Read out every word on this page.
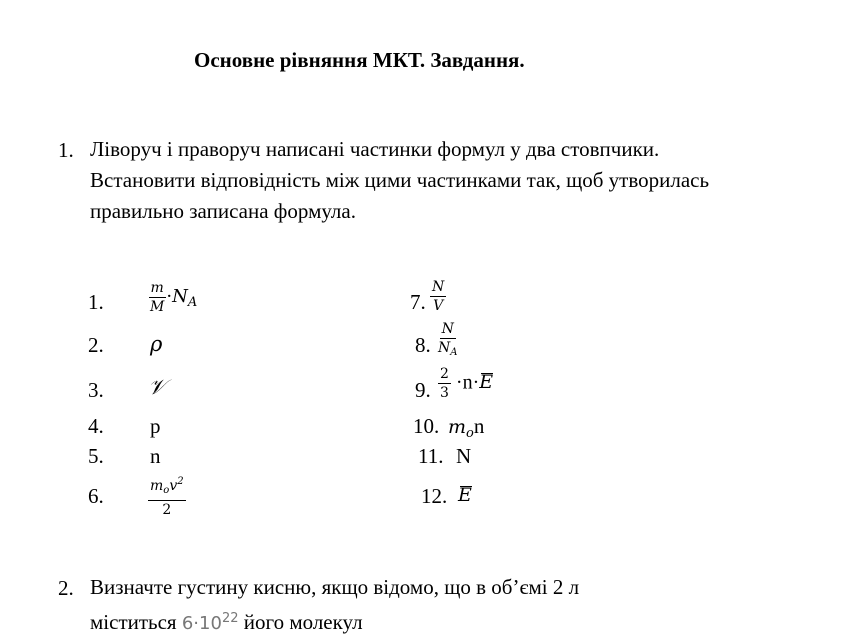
Основне рівняння МКТ. Завдання.
1. Ліворуч і праворуч написані частинки формул у два стовпчики.
Встановити відповідність між цими частинками так, щоб утворилась
правильно записана формула.
1.	$\frac{m}{M} \cdot N_A$
2. ρ
3. 𝒱
4. p
5. n
6.	$\frac{m_ov^2}{2}$
7. $\frac{N}{V}$
8. $\frac{N}{N_A}$
9. $\frac{2}{3} \cdot n\cdot E$
10. $m_on$
11. N
12. E
2. Визначте густину кисню, якщо відомо, що в об’ємі 2 л
міститься $6\cdot 10^{22}$ його молекул
